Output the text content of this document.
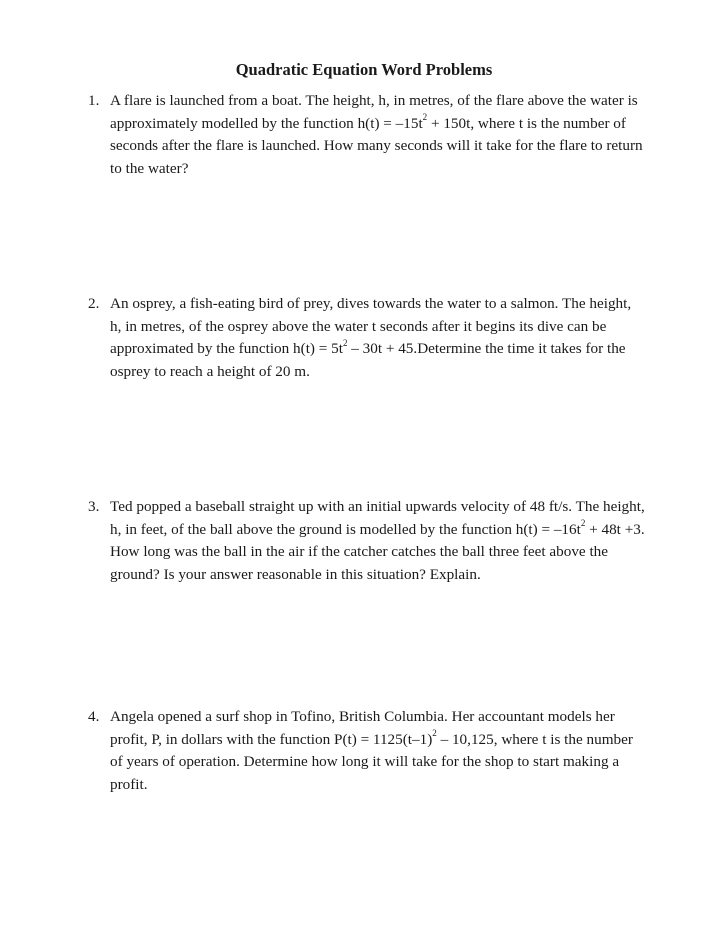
Quadratic Equation Word Problems
1. A flare is launched from a boat. The height, h, in metres, of the flare above the water is
approximately modelled by the function $h(t) = -15t^2 + 150t$, where t is the number of
seconds after the flare is launched. How many seconds will it take for the flare to return
to the water?
2. An osprey, a fish-eating bird of prey, dives towards the water to a salmon. The height,
h, in metres, of the osprey above the water t seconds after it begins its dive can be
approximated by the function $h(t) = 5t^2 - 30t$ + 45.Determine the time it takes for the
osprey to reach a height of 20 m.
3. Ted popped a baseball straight up with an initial upwards velocity of 48 ft/s. The height,
h, in feet, of the ball above the ground is modelled by the function $h(t) = -16t^2 + 48t +3$.
How long was the ball in the air if the catcher catches the ball three feet above the
ground? Is your answer reasonable in this situation? Explain.
4. Angela opened a surf shop in Tofino, British Columbia. Her accountant models her
profit, P, in dollars with the function $P(t) = 1125(t-1)^2 - 10,125$, where t is the number
of years of operation. Determine how long it will take for the shop to start making a
profit.
